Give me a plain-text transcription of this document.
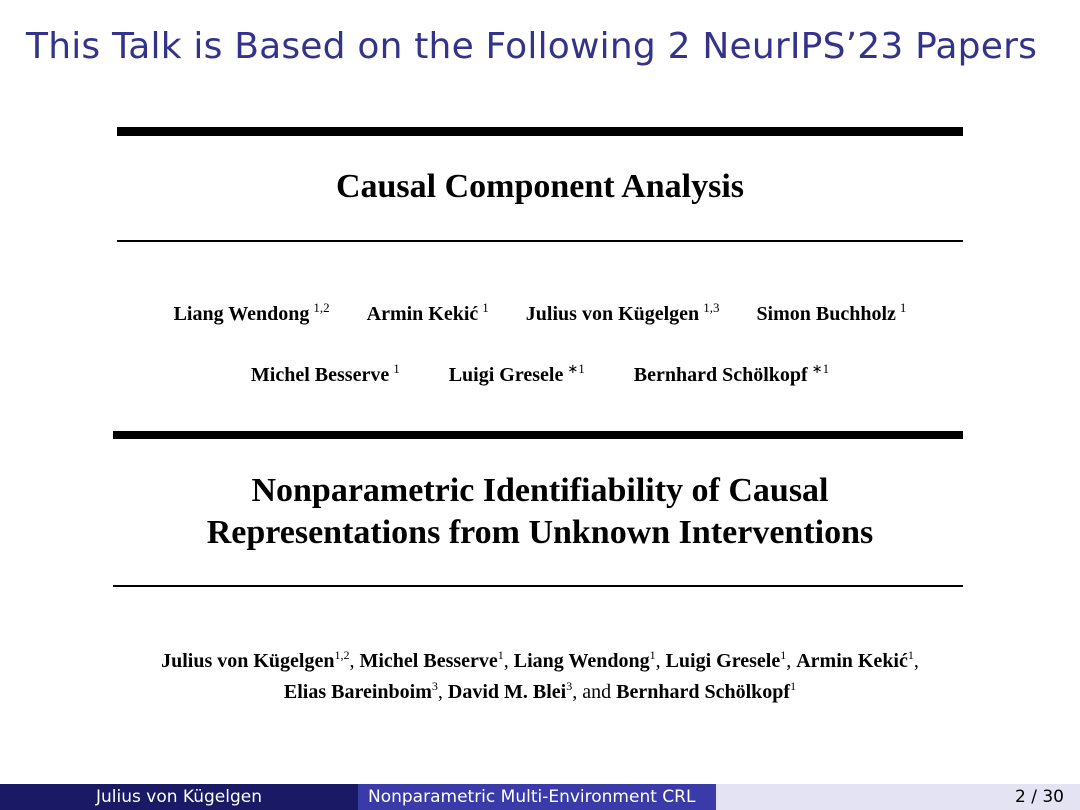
This Talk is Based on the Following 2 NeurIPS’23 Papers
Causal Component Analysis
Liang Wendong $^{1,2}$ Armin Kekić $^1$ Julius von Kügelgen $^{1,3}$ Simon Buchholz $^1$
Michel Besserve $^1$ Luigi Gresele $^{∗1}$ Bernhard Schölkopf $^{∗1}$
Nonparametric Identifiability of Causal
Representations from Unknown Interventions
Julius von Kügelgen$^{1,2}$, Michel Besserve$^1$, Liang Wendong$^1$, Luigi Gresele$^1$, Armin Kekić$^1$,
Elias Bareinboim$^3$, David M. Blei$^3$, and Bernhard Schölkopf$^1$
Julius von Kügelgen	Nonparametric Multi-Environment CRL	2 / 30
